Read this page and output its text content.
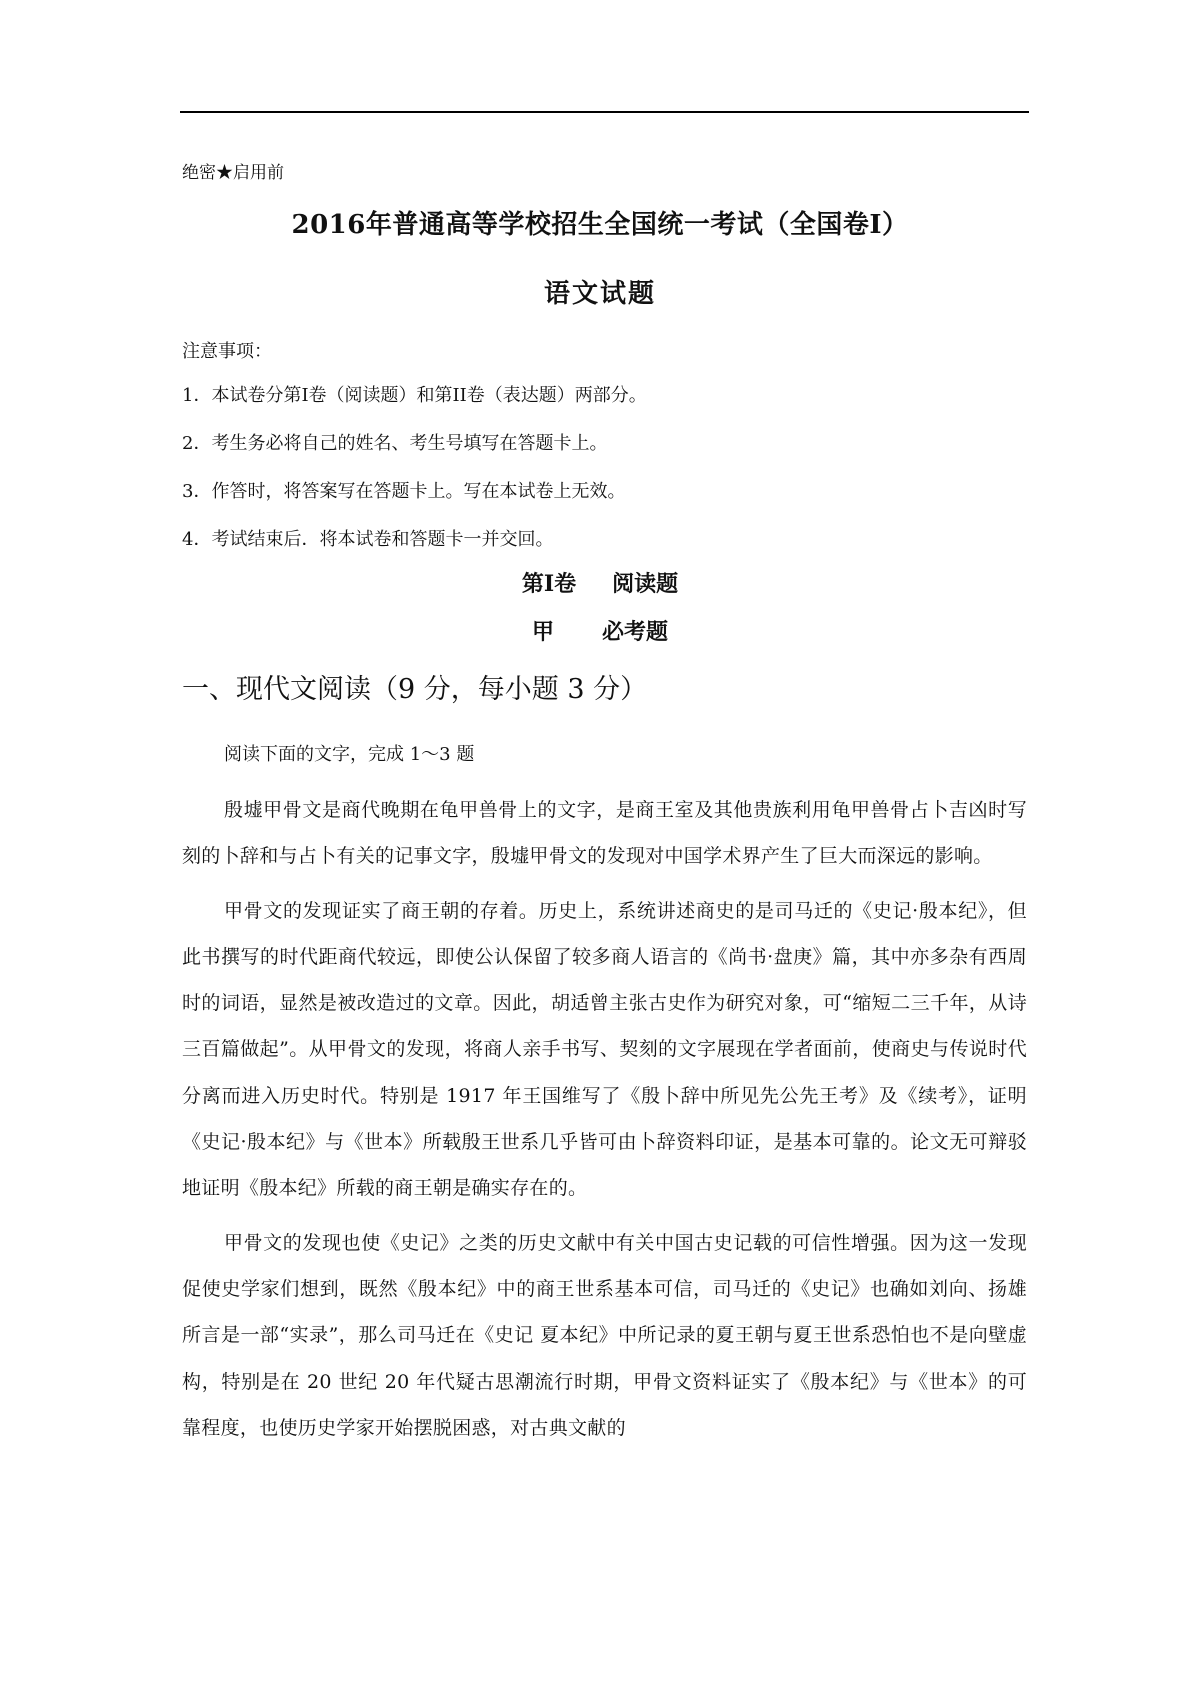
绝密★启用前
2016年普通高等学校招生全国统一考试（全国卷Ⅰ）
语文试题
注意事项：
1．本试卷分第Ⅰ卷（阅读题）和第II卷（表达题）两部分。
2．考生务必将自己的姓名、考生号填写在答题卡上。
3．作答时，将答案写在答题卡上。写在本试卷上无效。
4．考试结束后．将本试卷和答题卡一并交回。
第Ⅰ卷 阅读题
甲 必考题
一、现代文阅读（9 分，每小题 3 分）
阅读下面的文字，完成 1～3 题

殷墟甲骨文是商代晚期在龟甲兽骨上的文字，是商王室及其他贵族利用龟甲兽骨占卜吉凶时写刻的卜辞和与占卜有关的记事文字，殷墟甲骨文的发现对中国学术界产生了巨大而深远的影响。

甲骨文的发现证实了商王朝的存着。历史上，系统讲述商史的是司马迁的《史记·殷本纪》，但此书撰写的时代距商代较远，即使公认保留了较多商人语言的《尚书·盘庚》篇，其中亦多杂有西周时的词语，显然是被改造过的文章。因此，胡适曾主张古史作为研究对象，可“缩短二三千年，从诗三百篇做起”。从甲骨文的发现，将商人亲手书写、契刻的文字展现在学者面前，使商史与传说时代分离而进入历史时代。特别是 1917 年王国维写了《殷卜辞中所见先公先王考》及《续考》，证明《史记·殷本纪》与《世本》所载殷王世系几乎皆可由卜辞资料印证，是基本可靠的。论文无可辩驳地证明《殷本纪》所载的商王朝是确实存在的。

甲骨文的发现也使《史记》之类的历史文献中有关中国古史记载的可信性增强。因为这一发现促使史学家们想到，既然《殷本纪》中的商王世系基本可信，司马迁的《史记》也确如刘向、扬雄所言是一部“实录”，那么司马迁在《史记 夏本纪》中所记录的夏王朝与夏王世系恐怕也不是向壁虚构，特别是在 20 世纪 20 年代疑古思潮流行时期，甲骨文资料证实了《殷本纪》与《世本》的可靠程度，也使历史学家开始摆脱困惑，对古典文献的
